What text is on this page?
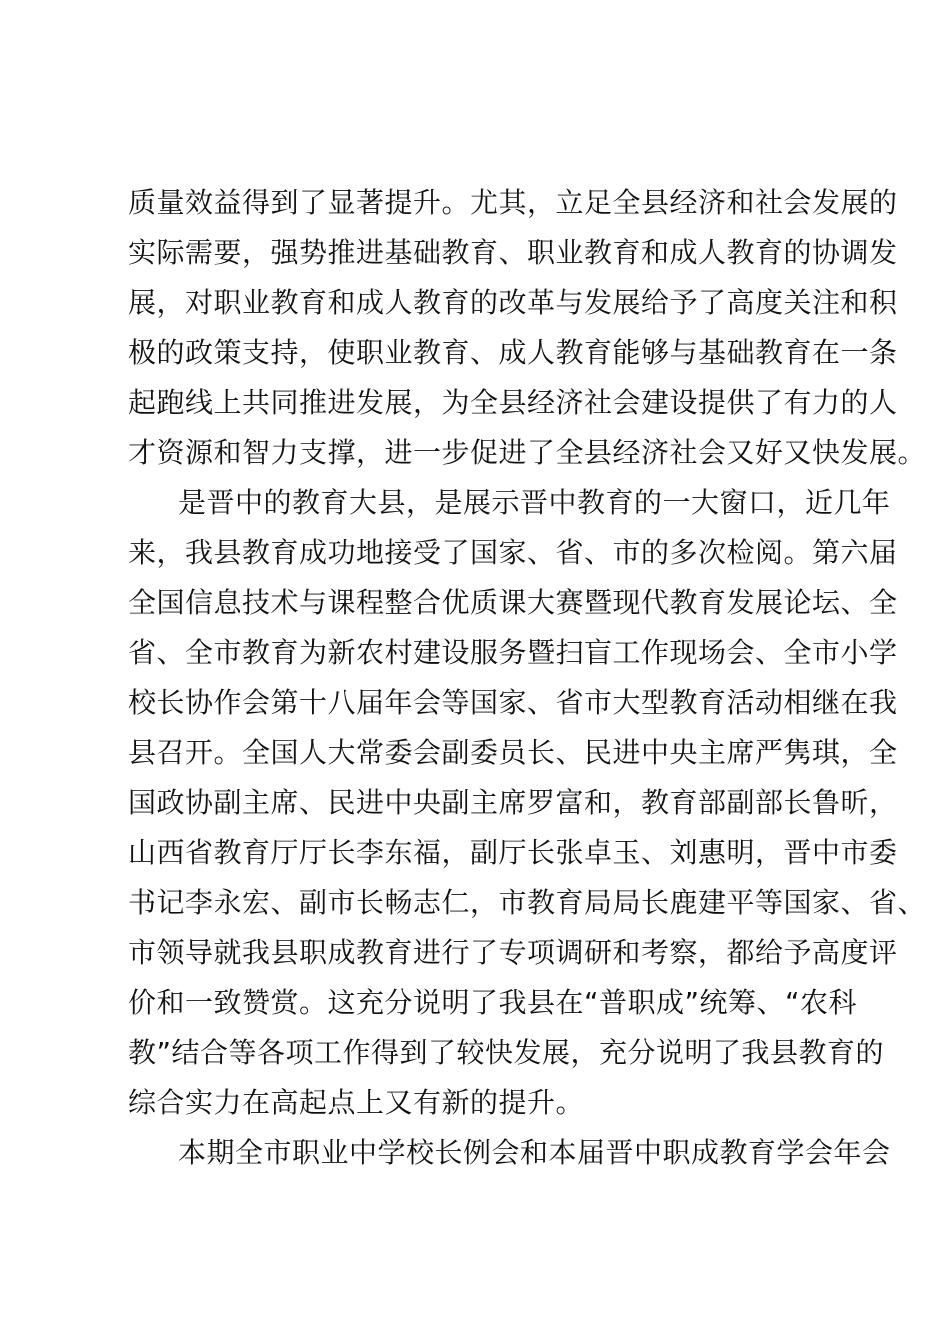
质量效益得到了显著提升。尤其，立足全县经济和社会发展的
实际需要，强势推进基础教育、职业教育和成人教育的协调发
展，对职业教育和成人教育的改革与发展给予了高度关注和积
极的政策支持，使职业教育、成人教育能够与基础教育在一条
起跑线上共同推进发展，为全县经济社会建设提供了有力的人
才资源和智力支撑，进一步促进了全县经济社会又好又快发展。
是晋中的教育大县，是展示晋中教育的一大窗口，近几年
来，我县教育成功地接受了国家、省、市的多次检阅。第六届
全国信息技术与课程整合优质课大赛暨现代教育发展论坛、全
省、全市教育为新农村建设服务暨扫盲工作现场会、全市小学
校长协作会第十八届年会等国家、省市大型教育活动相继在我
县召开。全国人大常委会副委员长、民进中央主席严隽琪，全
国政协副主席、民进中央副主席罗富和，教育部副部长鲁昕，
山西省教育厅厅长李东福，副厅长张卓玉、刘惠明，晋中市委
书记李永宏、副市长畅志仁，市教育局局长鹿建平等国家、省、
市领导就我县职成教育进行了专项调研和考察，都给予高度评
价和一致赞赏。这充分说明了我县在“普职成”统筹、“农科
教”结合等各项工作得到了较快发展，充分说明了我县教育的
综合实力在高起点上又有新的提升。
本期全市职业中学校长例会和本届晋中职成教育学会年会
